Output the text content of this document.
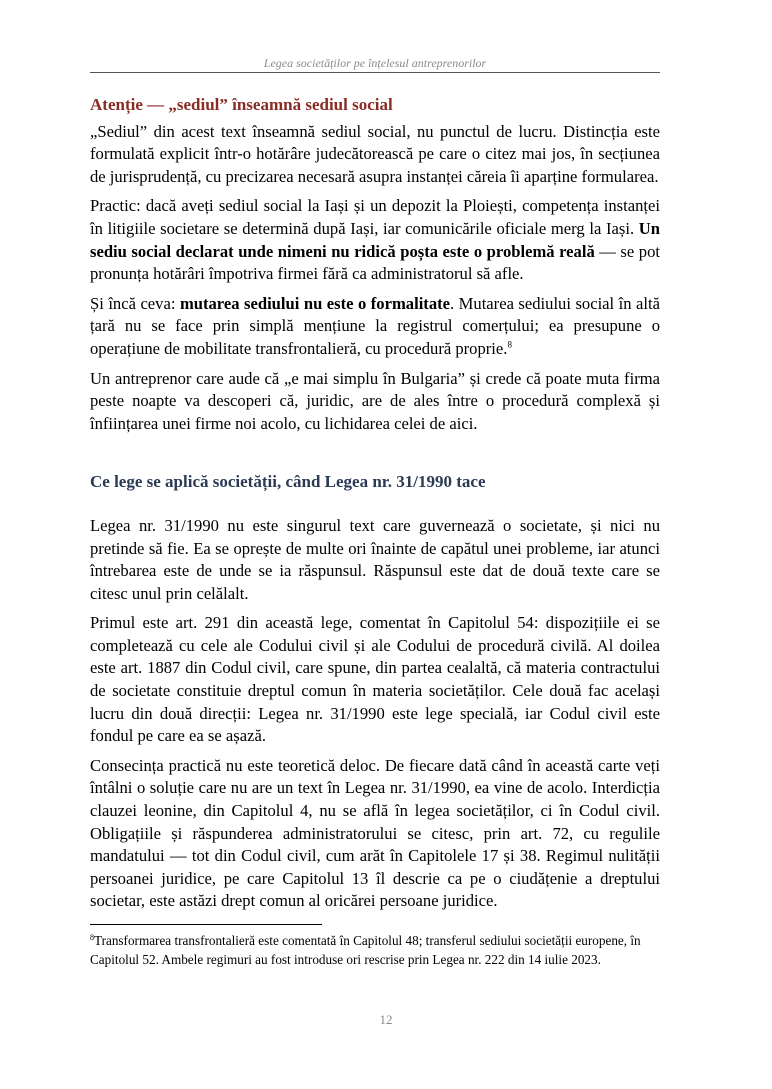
Legea societăților pe înțelesul antreprenorilor
Atenție — „sediul” înseamnă sediul social

„Sediul” din acest text înseamnă sediul social, nu punctul de lucru. Distincția este formulată explicit într-o hotărâre judecătorească pe care o citez mai jos, în secțiunea de jurisprudență, cu precizarea necesară asupra instanței căreia îi aparține formularea.

Practic: dacă aveți sediul social la Iași și un depozit la Ploiești, competența instanței în litigiile societare se determină după Iași, iar comunicările oficiale merg la Iași. Un sediu social declarat unde nimeni nu ridică poșta este o problemă reală — se pot pronunța hotărâri împotriva firmei fără ca administratorul să afle.

Și încă ceva: mutarea sediului nu este o formalitate. Mutarea sediului social în altă țară nu se face prin simplă mențiune la registrul comerțului; ea presupune o operațiune de mobilitate transfrontalieră, cu procedură proprie.$^8$

Un antreprenor care aude că „e mai simplu în Bulgaria” și crede că poate muta firma peste noapte va descoperi că, juridic, are de ales între o procedură complexă și înființarea unei firme noi acolo, cu lichidarea celei de aici.

Ce lege se aplică societății, când Legea nr. 31/1990 tace

Legea nr. 31/1990 nu este singurul text care guvernează o societate, și nici nu pretinde să fie. Ea se oprește de multe ori înainte de capătul unei probleme, iar atunci întrebarea este de unde se ia răspunsul. Răspunsul este dat de două texte care se citesc unul prin celălalt.

Primul este art. 291 din această lege, comentat în Capitolul 54: dispozițiile ei se completează cu cele ale Codului civil și ale Codului de procedură civilă. Al doilea este art. 1887 din Codul civil, care spune, din partea cealaltă, că materia contractului de societate constituie dreptul comun în materia societăților. Cele două fac același lucru din două direcții: Legea nr. 31/1990 este lege specială, iar Codul civil este fondul pe care ea se așază.

Consecința practică nu este teoretică deloc. De fiecare dată când în această carte veți întâlni o soluție care nu are un text în Legea nr. 31/1990, ea vine de acolo. Interdicția clauzei leonine, din Capitolul 4, nu se află în legea societăților, ci în Codul civil. Obligațiile și răspunderea administratorului se citesc, prin art. 72, cu regulile mandatului — tot din Codul civil, cum arăt în Capitolele 17 și 38. Regimul nulității persoanei juridice, pe care Capitolul 13 îl descrie ca pe o ciudățenie a dreptului societar, este astăzi drept comun al oricărei persoane juridice.

$^8$Transformarea transfrontalieră este comentată în Capitolul 48; transferul sediului societății europene, în Capitolul 52. Ambele regimuri au fost introduse ori rescrise prin Legea nr. 222 din 14 iulie 2023.
12
